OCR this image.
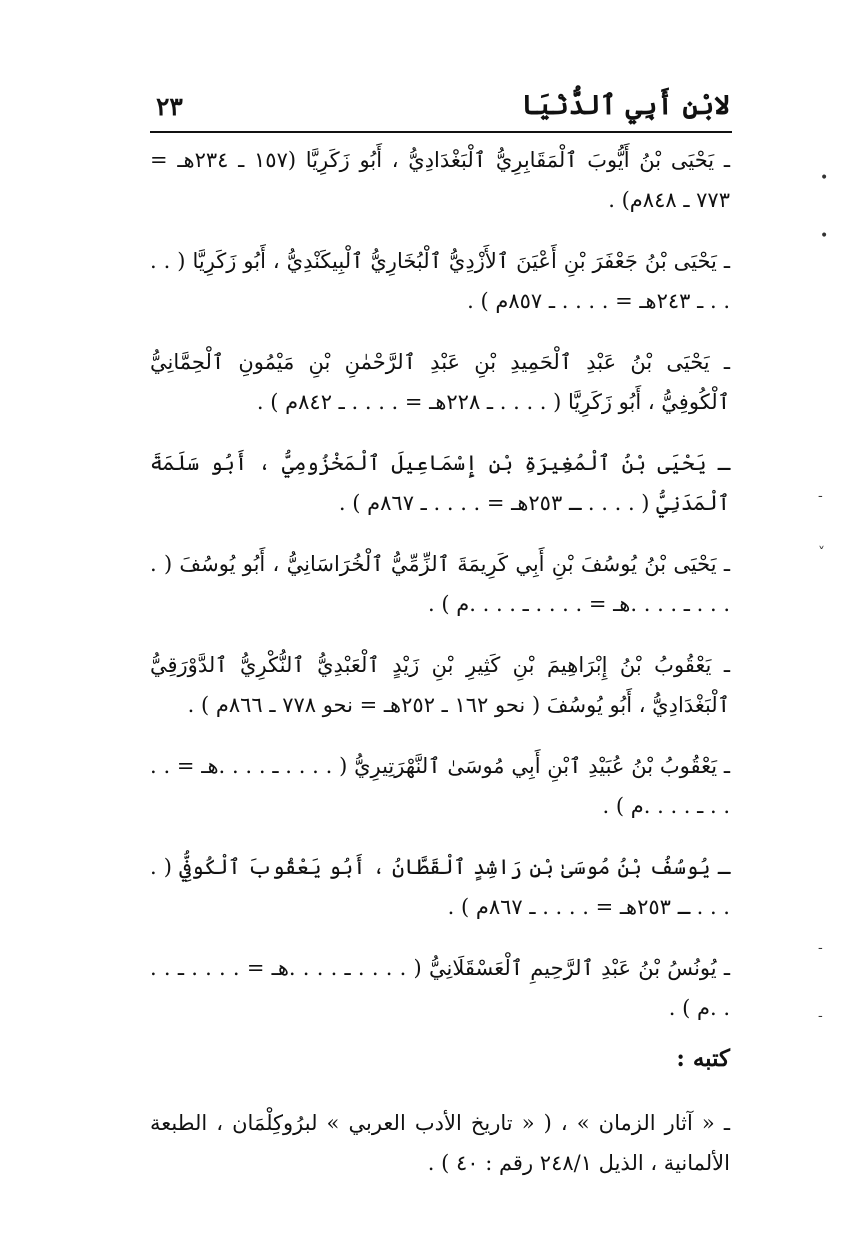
لابْنِ أَبِي ٱلدُّنْيَا
٢٣

ـ يَحْيَى بْنُ أَيُّوبَ ٱلْمَقَابِرِيُّ ٱلْبَغْدَادِيُّ ، أَبُو زَكَرِيَّا (١٥٧ ـ ٢٣٤هـ = ٧٧٣ ـ ٨٤٨م) .

ـ يَحْيَى بْنُ جَعْفَرَ بْنِ أَعْيَنَ ٱلأَزْدِيُّ ٱلْبُخَارِيُّ ٱلْبِيكَنْدِيُّ ، أَبُو زَكَرِيَّا ( . . . . ـ ٢٤٣هـ = . . . . ـ ٨٥٧م ) .

ـ يَحْيَى بْنُ عَبْدِ ٱلْحَمِيدِ بْنِ عَبْدِ ٱلرَّحْمٰنِ بْنِ مَيْمُونِ ٱلْحِمَّانِيُّ ٱلْكُوفِيُّ ، أَبُو زَكَرِيَّا ( . . . . ـ ٢٢٨هـ = . . . . ـ ٨٤٢م ) .

ـ يَحْيَى بْنُ ٱلْمُغِيرَةِ بْنِ إِسْمَاعِيلَ ٱلْمَخْزُومِيُّ ، أَبُو سَلَمَةَ ٱلْمَدَنِيُّ ( . . . . ـ ٢٥٣هـ = . . . . ـ ٨٦٧م ) .

ـ يَحْيَى بْنُ يُوسُفَ بْنِ أَبِي كَرِيمَةَ ٱلزِّمِّيُّ ٱلْخُرَاسَانِيُّ ، أَبُو يُوسُفَ ( . . . . ـ . . . .هـ = . . . . ـ . . . .م ) .

ـ يَعْقُوبُ بْنُ إِبْرَاهِيمَ بْنِ كَثِيرِ بْنِ زَيْدٍ ٱلْعَبْدِيُّ ٱلنُّكْرِيُّ ٱلدَّوْرَقِيُّ ٱلْبَغْدَادِيُّ ، أَبُو يُوسُفَ ( نحو ١٦٢ ـ ٢٥٢هـ = نحو ٧٧٨ ـ ٨٦٦م ) .

ـ يَعْقُوبُ بْنُ عُبَيْدِ ٱبْنِ أَبِي مُوسَىٰ ٱلنَّهْرَتِيرِيُّ ( . . . . ـ . . . .هـ = . . . . ـ . . . .م ) .

ـ يُوسُفُ بْنُ مُوسَىٰ بْنِ رَاشِدٍ ٱلْقَطَّانُ ، أَبُو يَعْقُوبَ ٱلْكُوفِيُّ ( . . . . ـ ٢٥٣هـ = . . . . ـ ٨٦٧م ) .

ـ يُونُسُ بْنُ عَبْدِ ٱلرَّحِيمِ ٱلْعَسْقَلَانِيُّ ( . . . . ـ . . . .هـ = . . . . ـ . . . .م ) .

كتبه :

ـ « آثار الزمان » ، ( « تاريخ الأدب العربي » لبرُوكِلْمَان ، الطبعة الألمانية ، الذيل ٢٤٨/١ رقم : ٤٠ ) .

•
•
-
˅
-
-
